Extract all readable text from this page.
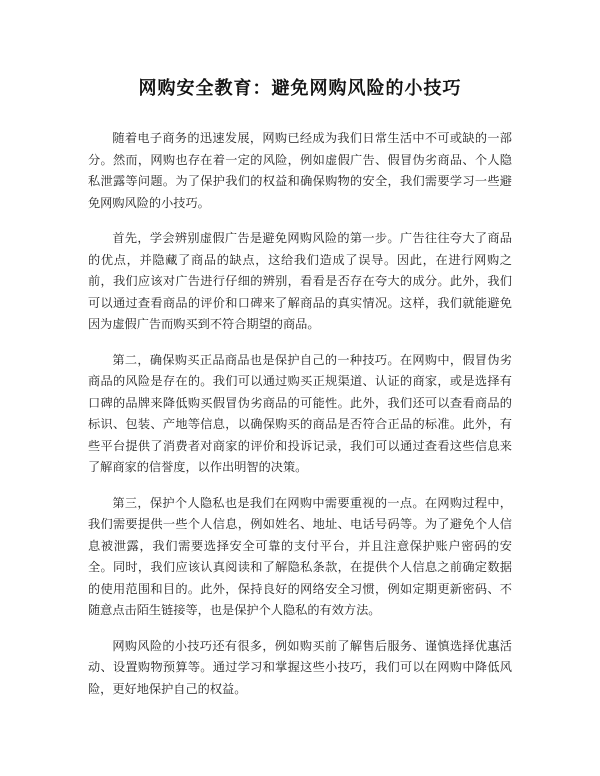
网购安全教育：避免网购风险的小技巧

随着电子商务的迅速发展，网购已经成为我们日常生活中不可或缺的一部分。然而，网购也存在着一定的风险，例如虚假广告、假冒伪劣商品、个人隐私泄露等问题。为了保护我们的权益和确保购物的安全，我们需要学习一些避免网购风险的小技巧。

首先，学会辨别虚假广告是避免网购风险的第一步。广告往往夸大了商品的优点，并隐藏了商品的缺点，这给我们造成了误导。因此，在进行网购之前，我们应该对广告进行仔细的辨别，看看是否存在夸大的成分。此外，我们可以通过查看商品的评价和口碑来了解商品的真实情况。这样，我们就能避免因为虚假广告而购买到不符合期望的商品。

第二，确保购买正品商品也是保护自己的一种技巧。在网购中，假冒伪劣商品的风险是存在的。我们可以通过购买正规渠道、认证的商家，或是选择有口碑的品牌来降低购买假冒伪劣商品的可能性。此外，我们还可以查看商品的标识、包装、产地等信息，以确保购买的商品是否符合正品的标准。此外，有些平台提供了消费者对商家的评价和投诉记录，我们可以通过查看这些信息来了解商家的信誉度，以作出明智的决策。

第三，保护个人隐私也是我们在网购中需要重视的一点。在网购过程中，我们需要提供一些个人信息，例如姓名、地址、电话号码等。为了避免个人信息被泄露，我们需要选择安全可靠的支付平台，并且注意保护账户密码的安全。同时，我们应该认真阅读和了解隐私条款，在提供个人信息之前确定数据的使用范围和目的。此外，保持良好的网络安全习惯，例如定期更新密码、不随意点击陌生链接等，也是保护个人隐私的有效方法。

网购风险的小技巧还有很多，例如购买前了解售后服务、谨慎选择优惠活动、设置购物预算等。通过学习和掌握这些小技巧，我们可以在网购中降低风险，更好地保护自己的权益。
